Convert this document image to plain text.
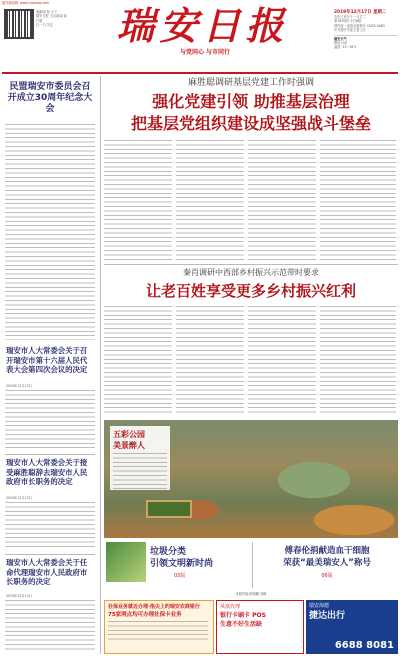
瑞安新闻网: www.ruianxw.com
看新闻 知 天下
瑞安日报 天目新闻 客户端
扫一扫 关注	瑞安日报
与党同心 与市同行
2019年12月17日 星期二
农历己亥年十一月廿二
第7830期 今日8版
国内统一连续出版物号 CN33-0083
中共瑞安市委主管主办
瑞安天气
阴转小雨
温度: 15~26℃
民盟瑞安市委员会召开成立30周年纪念大会
瑞安市人大常委会关于召开瑞安市第十六届人民代表大会第四次会议的决定
2019年12月13日
瑞安市人大常委会关于接受麻胜聪辞去瑞安市人民政府市长职务的决定
2019年12月13日
瑞安市人大常委会关于任命代理瑞安市人民政府市长职务的决定
2019年12月13日
麻胜聪调研基层党建工作时强调
强化党建引领 助推基层治理
把基层党组织建设成坚强战斗堡垒
秦肖调研中西部乡村振兴示范带时要求
让老百姓享受更多乡村振兴红利
五彩公园
美景醉人
垃圾分类
引领文明新时尚
03版
傅春伦捐献造血干细胞
荣获“最美瑞安人”称号
06版
本版责编 陈朝鹏 刘静
社保业务就近办理·指尖上的瑞安农商银行
75家网点均可办理社保卡业务
凤凰代理
银行卡刷卡 POS
生意不好生活缺
瑞安海德
捷达出行
6688 8081
